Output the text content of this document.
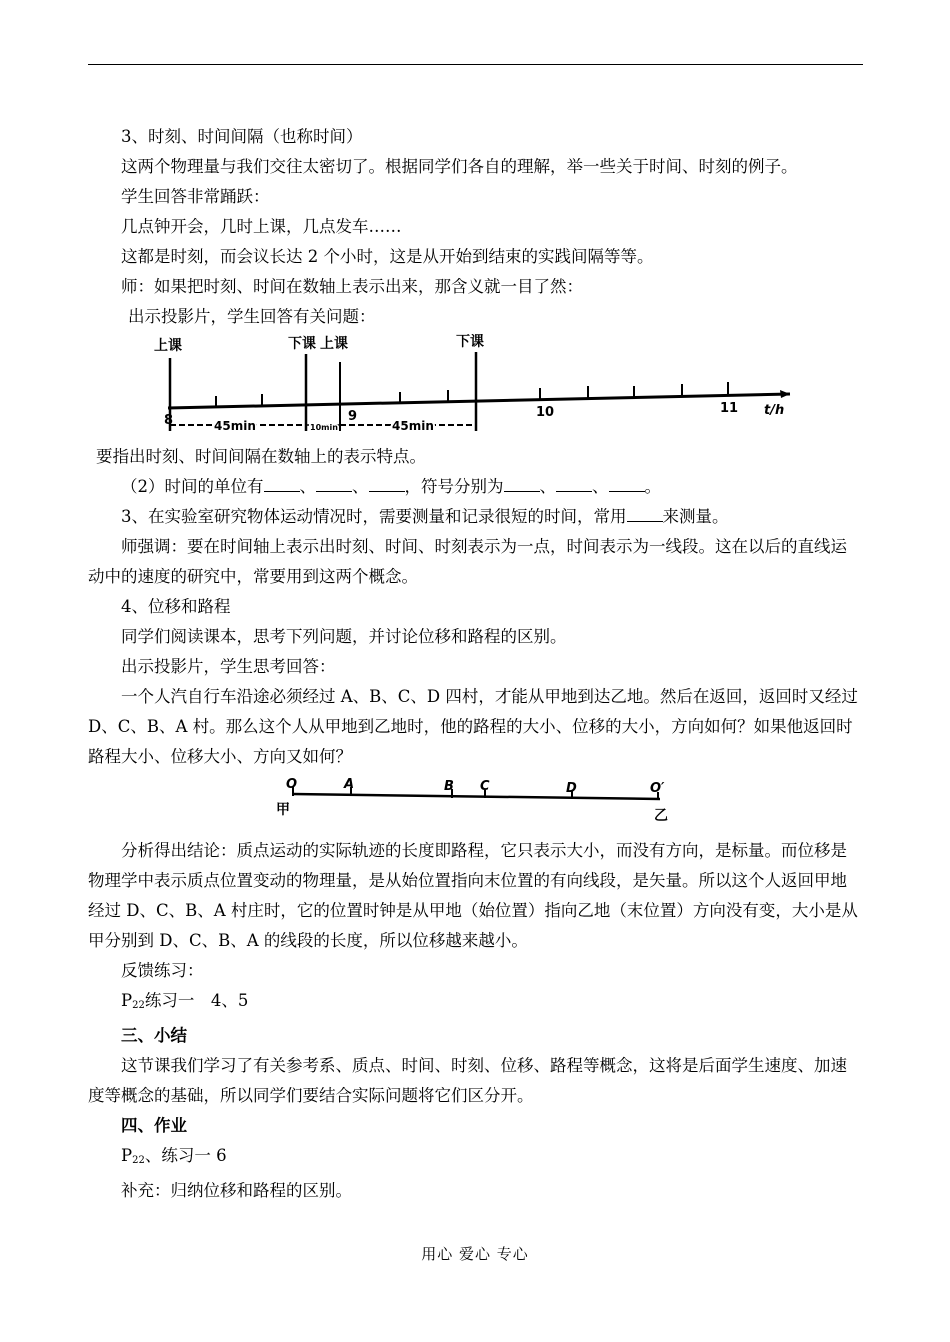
3、时刻、时间间隔（也称时间）

这两个物理量与我们交往太密切了。根据同学们各自的理解，举一些关于时间、时刻的例子。

学生回答非常踊跃：

几点钟开会，几时上课，几点发车……

这都是时刻，而会议长达 2 个小时，这是从开始到结束的实践间隔等等。

师：如果把时刻、时间在数轴上表示出来，那含义就一目了然：

出示投影片，学生回答有关问题：

上课	下课 上课	下课
8	9	10	11 t/h
45min	10min	45min

要指出时刻、时间间隔在数轴上的表示特点。

（2）时间的单位有 、 、 ，符号分别为 、 、 。

3、在实验室研究物体运动情况时，需要测量和记录很短的时间，常用 来测量。

师强调：要在时间轴上表示出时刻、时间、时刻表示为一点，时间表示为一线段。这在以后的直线运动中的速度的研究中，常要用到这两个概念。

4、位移和路程

同学们阅读课本，思考下列问题，并讨论位移和路程的区别。

出示投影片，学生思考回答：

一个人汽自行车沿途必须经过 A、B、C、D 四村，才能从甲地到达乙地。然后在返回，返回时又经过 D、C、B、A 村。那么这个人从甲地到乙地时，他的路程的大小、位移的大小，方向如何？如果他返回时路程大小、位移大小、方向又如何？

O	A	B C	D	O′
甲	乙

分析得出结论：质点运动的实际轨迹的长度即路程，它只表示大小，而没有方向，是标量。而位移是物理学中表示质点位置变动的物理量，是从始位置指向末位置的有向线段，是矢量。所以这个人返回甲地经过 D、C、B、A 村庄时，它的位置时钟是从甲地（始位置）指向乙地（末位置）方向没有变，大小是从甲分别到 D、C、B、A 的线段的长度，所以位移越来越小。

反馈练习：

$P_{22}$练习一　4、5

三、小结

这节课我们学习了有关参考系、质点、时间、时刻、位移、路程等概念，这将是后面学生速度、加速度等概念的基础，所以同学们要结合实际问题将它们区分开。

四、作业

$P_{22}$、练习一 6

补充：归纳位移和路程的区别。

用心 爱心 专心
